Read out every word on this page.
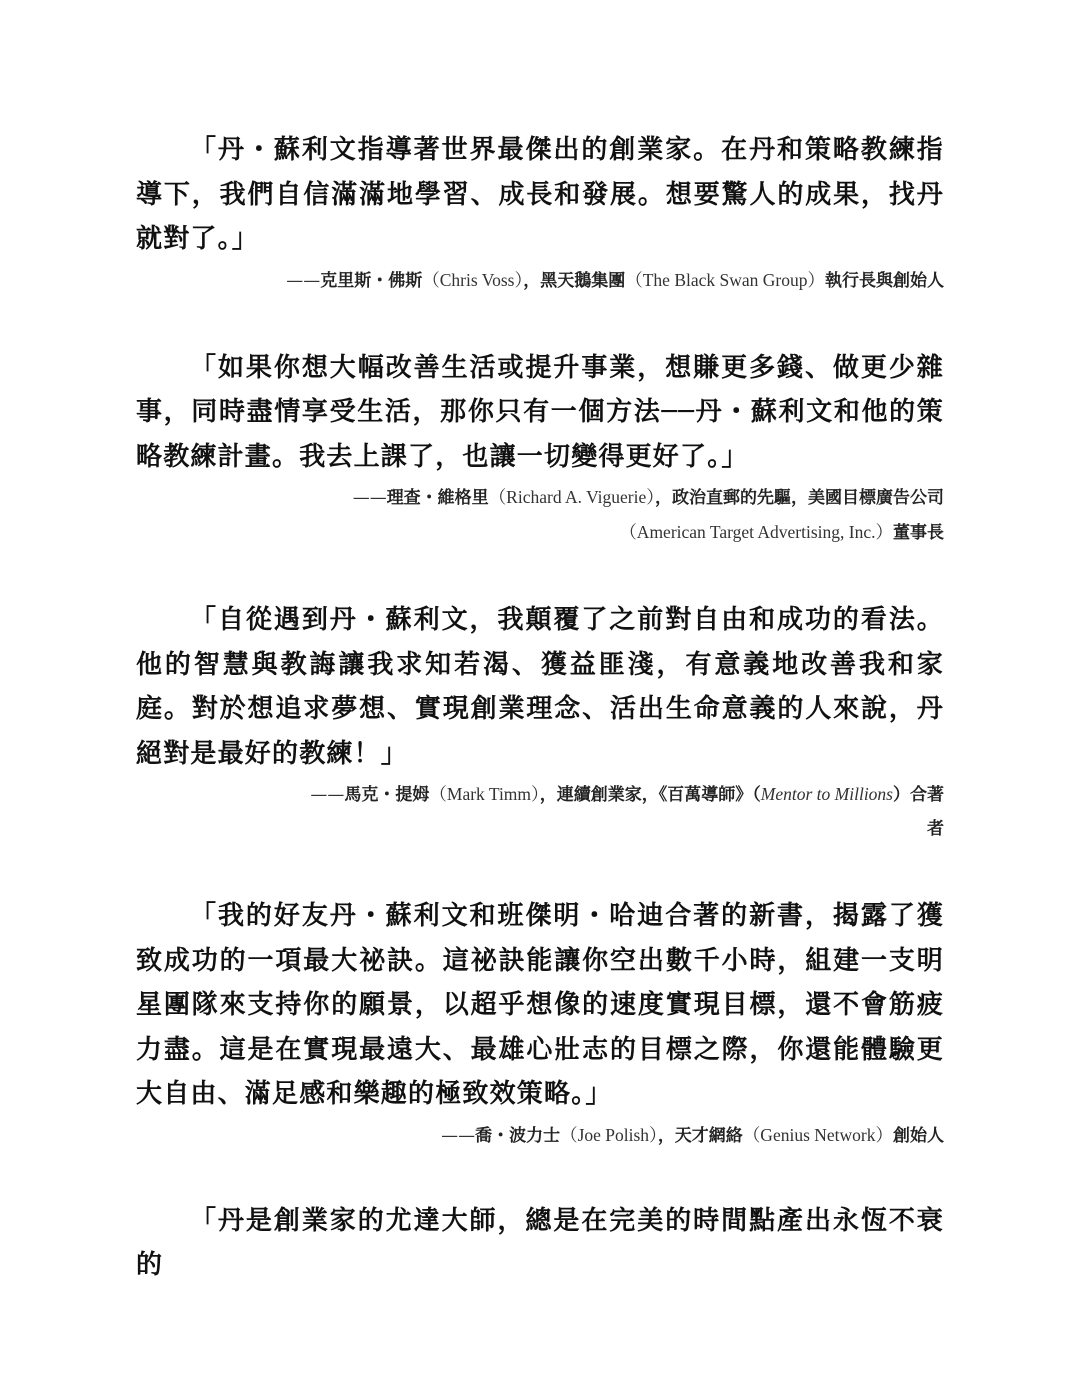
「丹・蘇利文指導著世界最傑出的創業家。在丹和策略教練指導下，我們自信滿滿地學習、成長和發展。想要驚人的成果，找丹就對了。」

——克里斯・佛斯（Chris Voss），黑天鵝集團（The Black Swan Group）執行長與創始人

「如果你想大幅改善生活或提升事業，想賺更多錢、做更少雜事，同時盡情享受生活，那你只有一個方法──丹・蘇利文和他的策略教練計畫。我去上課了，也讓一切變得更好了。」

——理查・維格里（Richard A. Viguerie），政治直郵的先驅，美國目標廣告公司
（American Target Advertising, Inc.）董事長

「自從遇到丹・蘇利文，我顛覆了之前對自由和成功的看法。他的智慧與教誨讓我求知若渴、獲益匪淺，有意義地改善我和家庭。對於想追求夢想、實現創業理念、活出生命意義的人來說，丹絕對是最好的教練！」

——馬克・提姆（Mark Timm），連續創業家，《百萬導師》（Mentor to Millions）合著
者

「我的好友丹・蘇利文和班傑明・哈迪合著的新書，揭露了獲致成功的一項最大祕訣。這祕訣能讓你空出數千小時，組建一支明星團隊來支持你的願景，以超乎想像的速度實現目標，還不會筋疲力盡。這是在實現最遠大、最雄心壯志的目標之際，你還能體驗更大自由、滿足感和樂趣的極致效策略。」

——喬・波力士（Joe Polish），天才網絡（Genius Network）創始人

「丹是創業家的尤達大師，總是在完美的時間點產出永恆不衰的
